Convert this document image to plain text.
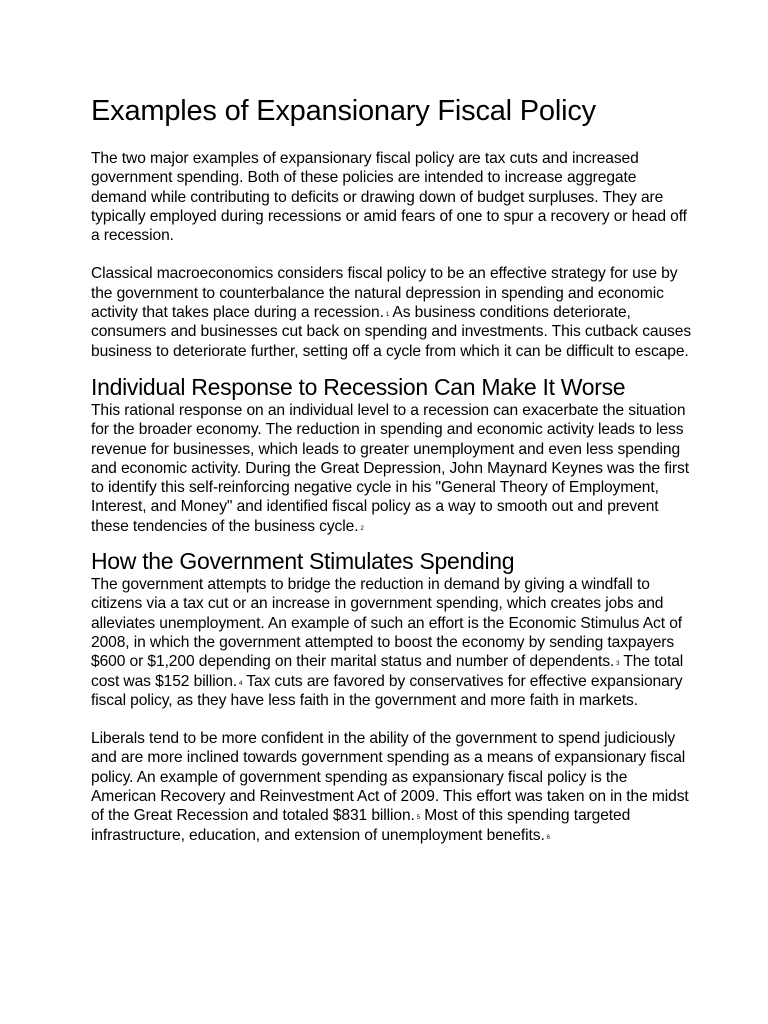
Examples of Expansionary Fiscal Policy

The two major examples of expansionary fiscal policy are tax cuts and increased government spending. Both of these policies are intended to increase aggregate demand while contributing to deficits or drawing down of budget surpluses. They are typically employed during recessions or amid fears of one to spur a recovery or head off a recession.

Classical macroeconomics considers fiscal policy to be an effective strategy for use by the government to counterbalance the natural depression in spending and economic activity that takes place during a recession. $^1$ As business conditions deteriorate, consumers and businesses cut back on spending and investments. This cutback causes business to deteriorate further, setting off a cycle from which it can be difficult to escape.

Individual Response to Recession Can Make It Worse

This rational response on an individual level to a recession can exacerbate the situation for the broader economy. The reduction in spending and economic activity leads to less revenue for businesses, which leads to greater unemployment and even less spending and economic activity. During the Great Depression, John Maynard Keynes was the first to identify this self-reinforcing negative cycle in his "General Theory of Employment, Interest, and Money" and identified fiscal policy as a way to smooth out and prevent these tendencies of the business cycle. $^2$

How the Government Stimulates Spending

The government attempts to bridge the reduction in demand by giving a windfall to citizens via a tax cut or an increase in government spending, which creates jobs and alleviates unemployment. An example of such an effort is the Economic Stimulus Act of 2008, in which the government attempted to boost the economy by sending taxpayers $600 or $1,200 depending on their marital status and number of dependents. $^3$ The total cost was $152 billion. $^4$ Tax cuts are favored by conservatives for effective expansionary fiscal policy, as they have less faith in the government and more faith in markets.

Liberals tend to be more confident in the ability of the government to spend judiciously and are more inclined towards government spending as a means of expansionary fiscal policy. An example of government spending as expansionary fiscal policy is the American Recovery and Reinvestment Act of 2009. This effort was taken on in the midst of the Great Recession and totaled $831 billion. $^5$ Most of this spending targeted infrastructure, education, and extension of unemployment benefits. $^6$
